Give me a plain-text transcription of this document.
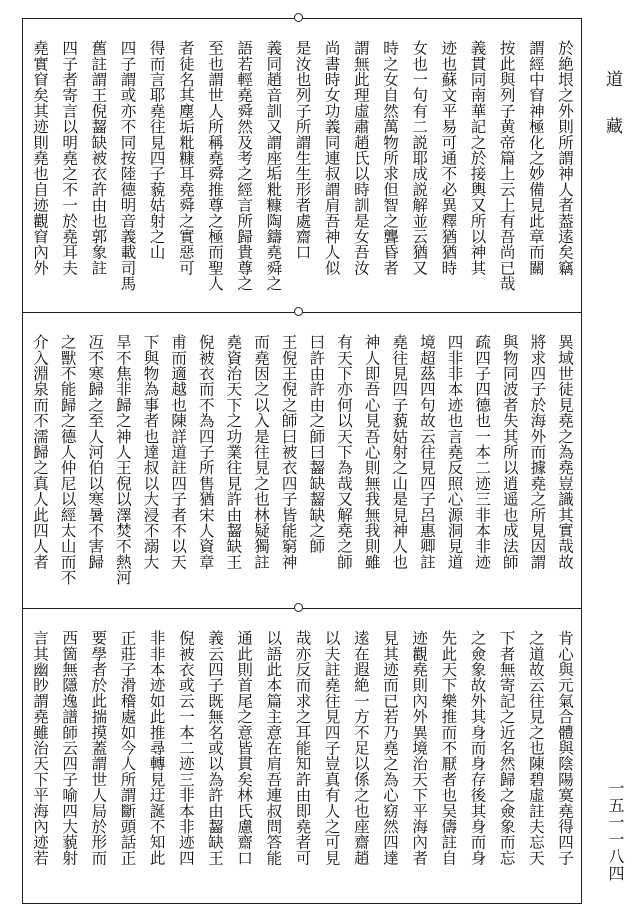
於絶垠之外則所謂神人者葢逺矣竊
謂經中窅神極化之妙備見此章而關
按此與列子黄帝篇上云上有吾尚已哉
義貫同南華記之於接輿又所以神其
迹也蘇文平易可通不必異釋猶猶時
女也一句有二説耶成説解並云猶又
時之女自然萬物所求但智之聾昏者
謂無此理虛肅趙氏以時訓是女吾汝
尚書時女功義同連叔謂肩吾神人似
是汝也列子所謂生生形者處齋口
義同趙音訓又謂座垢粃糠陶鑄堯舜之
語若輕堯舜然及考之經言所歸貴尊之
至也謂世人所稱堯舜推尊之極而聖人
者徒名其塵垢粃糠耳堯舜之實惡可
得而言耶堯往見四子藐姑射之山
四子謂或亦不同按陸德明音義載司馬
舊註謂王倪齧缺被衣許由也郭象註
四子者寄言以明堯之不一於堯耳夫
堯實窅矣其迹則堯也自迹觀窅內外
異域世徒見堯之為堯豈識其實哉故
將求四子於海外而據堯之所見因謂
與物同波者失其所以逍遥也成法師
疏四子四德也一本二迹三非本非迹
四非非本迹也言堯反照心源洞見道
境超茲四句故云往見四子呂惠卿註
堯往見四子藐姑射之山是見神人也
神人即吾心見吾心則無我無我則雖
有天下亦何以天下為哉又解堯之師
曰許由許由之師曰齧缺齧缺之師
王倪王倪之師曰被衣四子皆能窮神
而堯因之以入是往見之也林疑獨註
堯資治天下之功業往見許由齧缺王
倪被衣而不為四子所售猶宋人資章
甫而適越也陳詳道註四子者不以天
下與物為事者也達叔以大浸不溺大
旱不焦非歸之神人王倪以澤焚不熱河
冱不寒歸之至人河伯以寒暑不害歸
之獸不能歸之德人仲尼以經太山而不
介入淵泉而不濡歸之真人此四人者
肯心與元氣合體與陰陽寞堯得四子
之道故云往見之也陳碧虛註夫忘天
下者無寄記之近名然歸之僉象而忘
之僉象故外其身而身存後其身而身
先此天下樂推而不厭者也吴儔註自
迹觀堯則內外異境治天下平海內者
見其迹而已若乃堯之為心窈然四達
逺在遐絶一方不足以係之也座齋趙
以夫註堯往見四子豈真有人之可見
哉亦反而求之耳能知許由即堯者可
以語此本篇主意在肩吾連叔問答能
通此則首尾之意皆貫矣林氏慮齋口
義云四子既無名或以為許由齧缺王
倪被衣或云一本二迹三非本非迹四
非非本迹如此推尋轉見迂誕不知此
正莊子滑稽處如今人所謂斷頭話正
要學者於此揣摸蓋謂世人局於形而
西箇無隱逸譜師云四子喻四大藐射
言其幽眇謂堯雖治天下平海內迹若
道藏
一五一一八四
